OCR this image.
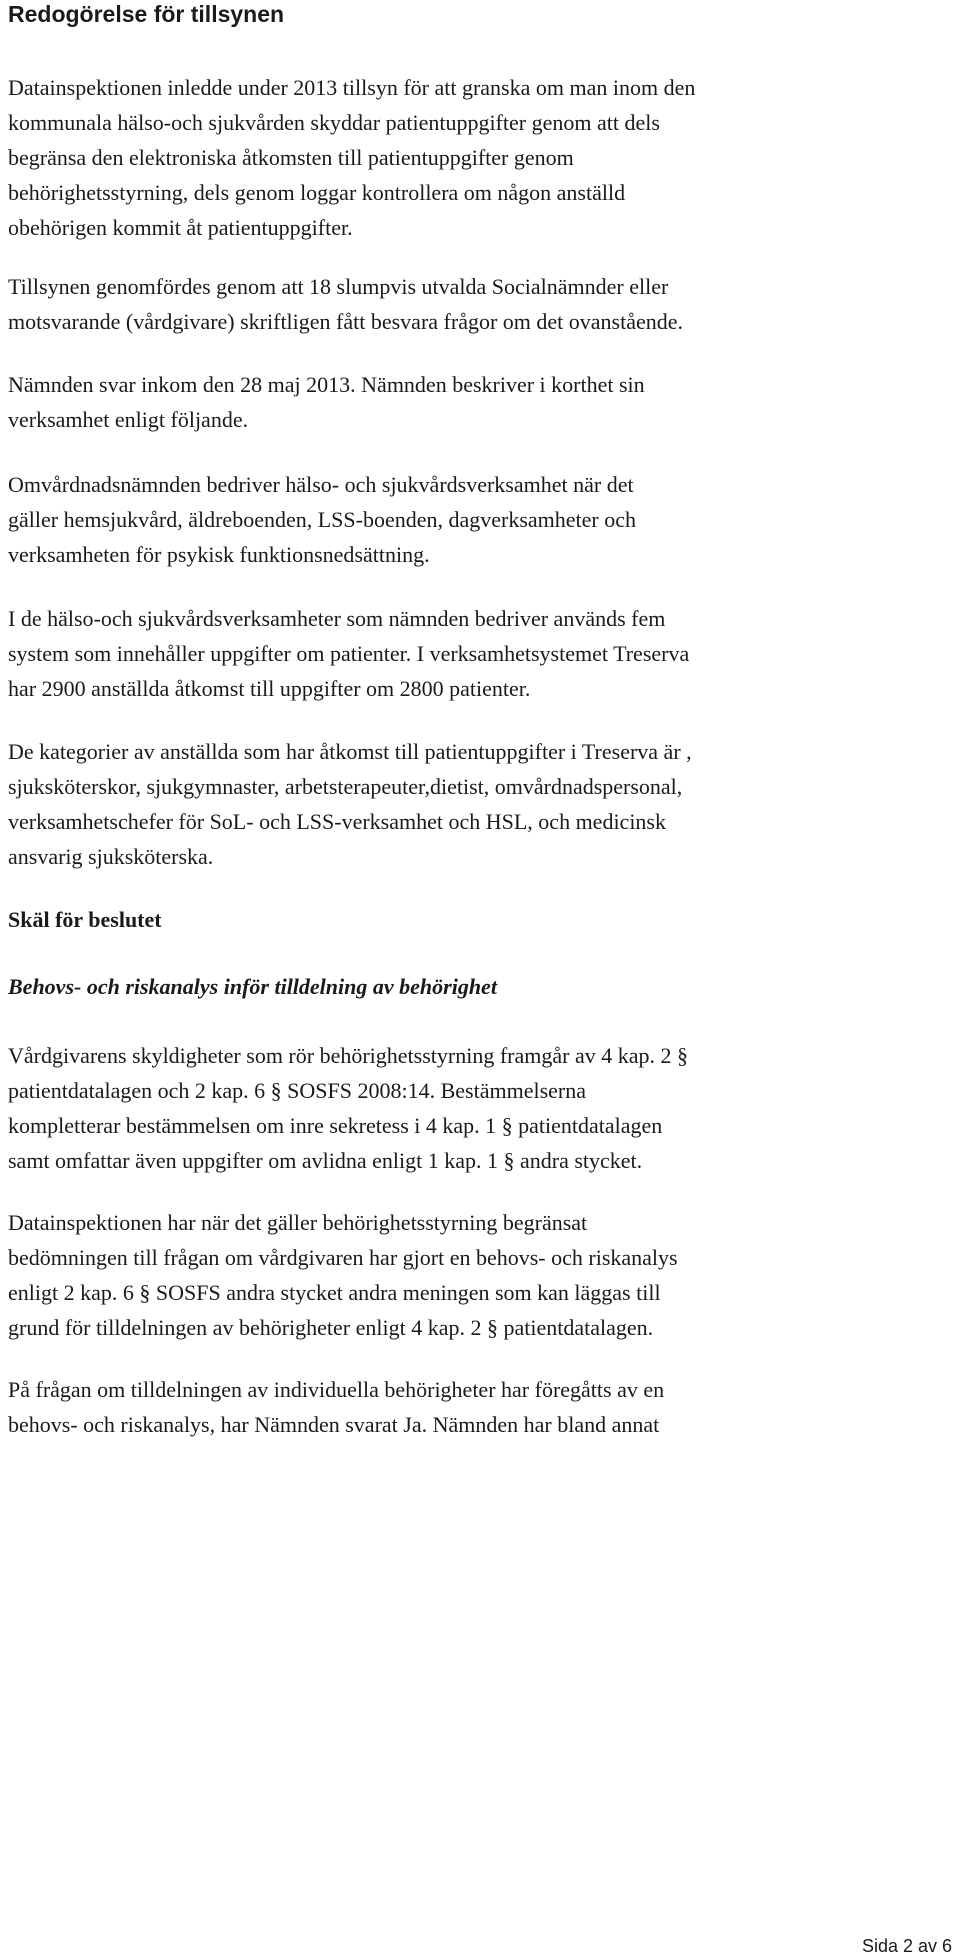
Redogörelse för tillsynen

Datainspektionen inledde under 2013 tillsyn för att granska om man inom den
kommunala hälso-och sjukvården skyddar patientuppgifter genom att dels
begränsa den elektroniska åtkomsten till patientuppgifter genom
behörighetsstyrning, dels genom loggar kontrollera om någon anställd
obehörigen kommit åt patientuppgifter.

Tillsynen genomfördes genom att 18 slumpvis utvalda Socialnämnder eller
motsvarande (vårdgivare) skriftligen fått besvara frågor om det ovanstående.

Nämnden svar inkom den 28 maj 2013. Nämnden beskriver i korthet sin
verksamhet enligt följande.

Omvårdnadsnämnden bedriver hälso- och sjukvårdsverksamhet när det
gäller hemsjukvård, äldreboenden, LSS-boenden, dagverksamheter och
verksamheten för psykisk funktionsnedsättning.

I de hälso-och sjukvårdsverksamheter som nämnden bedriver används fem
system som innehåller uppgifter om patienter. I verksamhetsystemet Treserva
har 2900 anställda åtkomst till uppgifter om 2800 patienter.

De kategorier av anställda som har åtkomst till patientuppgifter i Treserva är ,
sjuksköterskor, sjukgymnaster, arbetsterapeuter,dietist, omvårdnadspersonal,
verksamhetschefer för SoL- och LSS-verksamhet och HSL, och medicinsk
ansvarig sjuksköterska.

Skäl för beslutet
Behovs- och riskanalys inför tilldelning av behörighet

Vårdgivarens skyldigheter som rör behörighetsstyrning framgår av 4 kap. 2 §
patientdatalagen och 2 kap. 6 § SOSFS 2008:14. Bestämmelserna
kompletterar bestämmelsen om inre sekretess i 4 kap. 1 § patientdatalagen
samt omfattar även uppgifter om avlidna enligt 1 kap. 1 § andra stycket.

Datainspektionen har när det gäller behörighetsstyrning begränsat
bedömningen till frågan om vårdgivaren har gjort en behovs- och riskanalys
enligt 2 kap. 6 § SOSFS andra stycket andra meningen som kan läggas till
grund för tilldelningen av behörigheter enligt 4 kap. 2 § patientdatalagen.

På frågan om tilldelningen av individuella behörigheter har föregåtts av en
behovs- och riskanalys, har Nämnden svarat Ja. Nämnden har bland annat

Sida 2 av 6
